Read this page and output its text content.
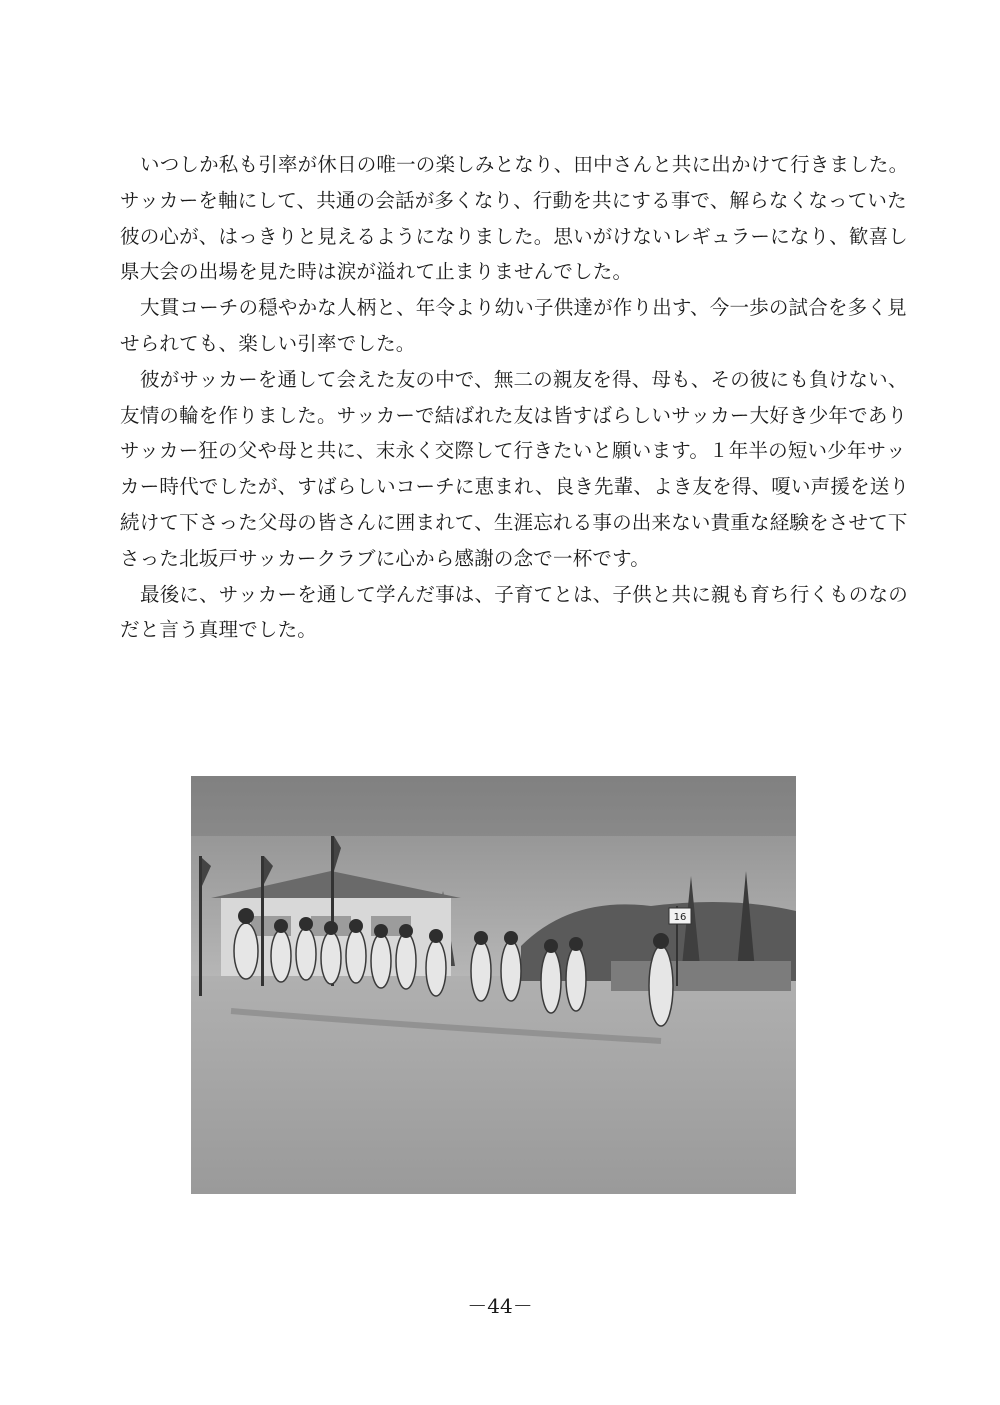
いつしか私も引率が休日の唯一の楽しみとなり、田中さんと共に出かけて行きました。
サッカーを軸にして、共通の会話が多くなり、行動を共にする事で、解らなくなっていた
彼の心が、はっきりと見えるようになりました。思いがけないレギュラーになり、歓喜し
県大会の出場を見た時は涙が溢れて止まりませんでした。
大貫コーチの穏やかな人柄と、年令より幼い子供達が作り出す、今一歩の試合を多く見
せられても、楽しい引率でした。
彼がサッカーを通して会えた友の中で、無二の親友を得、母も、その彼にも負けない、
友情の輪を作りました。サッカーで結ばれた友は皆すばらしいサッカー大好き少年であり
サッカー狂の父や母と共に、末永く交際して行きたいと願います。１年半の短い少年サッ
カー時代でしたが、すばらしいコーチに恵まれ、良き先輩、よき友を得、嗄い声援を送り
続けて下さった父母の皆さんに囲まれて、生涯忘れる事の出来ない貴重な経験をさせて下
さった北坂戸サッカークラブに心から感謝の念で一杯です。
最後に、サッカーを通して学んだ事は、子育てとは、子供と共に親も育ち行くものなの
だと言う真理でした。
16
－44－
